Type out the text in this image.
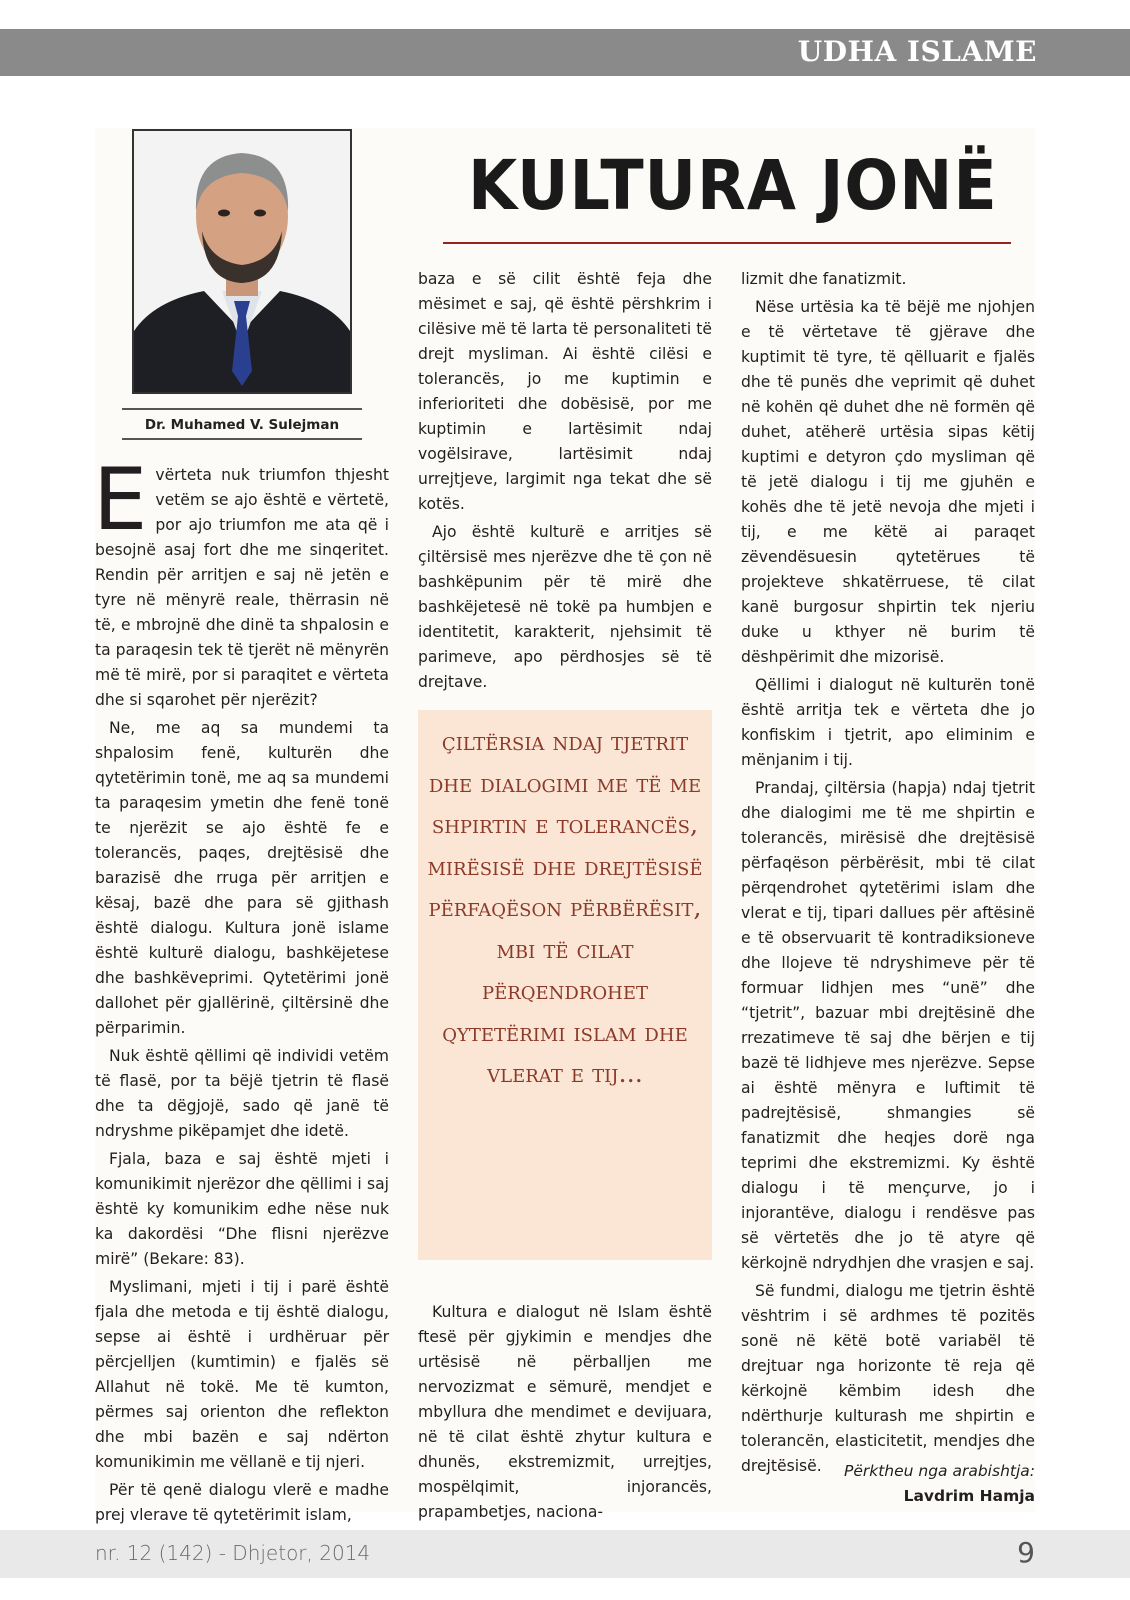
UDHA ISLAME
Dr. Muhamed V. Sulejman
KULTURA JONË

Evërteta nuk triumfon thjesht vetëm se ajo është e vërtetë, por ajo triumfon me ata që i besojnë asaj fort dhe me sinqeritet. Rendin për arritjen e saj në jetën e tyre në mënyrë reale, thërrasin në të, e mbrojnë dhe dinë ta shpalosin e ta paraqesin tek të tjerët në mënyrën më të mirë, por si paraqitet e vërteta dhe si sqarohet për njerëzit?

Ne, me aq sa mundemi ta shpalosim fenë, kulturën dhe qytetërimin tonë, me aq sa mundemi ta paraqesim ymetin dhe fenë tonë te njerëzit se ajo është fe e tolerancës, paqes, drejtësisë dhe barazisë dhe rruga për arritjen e kësaj, bazë dhe para së gjithash është dialogu. Kultura jonë islame është kulturë dialogu, bashkëjetese dhe bashkëveprimi. Qytetërimi jonë dallohet për gjallërinë, çiltërsinë dhe përparimin.

Nuk është qëllimi që individi vetëm të flasë, por ta bëjë tjetrin të flasë dhe ta dëgjojë, sado që janë të ndryshme pikëpamjet dhe idetë.

Fjala, baza e saj është mjeti i komunikimit njerëzor dhe qëllimi i saj është ky komunikim edhe nëse nuk ka dakordësi “Dhe flisni njerëzve mirë” (Bekare: 83).

Myslimani, mjeti i tij i parë është fjala dhe metoda e tij është dialogu, sepse ai është i urdhëruar për përcjelljen (kumtimin) e fjalës së Allahut në tokë. Me të kumton, përmes saj orienton dhe reflekton dhe mbi bazën e saj ndërton komunikimin me vëllanë e tij njeri.

Për të qenë dialogu vlerë e madhe prej vlerave të qytetërimit islam,

baza e së cilit është feja dhe mësimet e saj, që është përshkrim i cilësive më të larta të personaliteti të drejt mysliman. Ai është cilësi e tolerancës, jo me kuptimin e inferioriteti dhe dobësisë, por me kuptimin e lartësimit ndaj vogëlsirave, lartësimit ndaj urrejtjeve, largimit nga tekat dhe së kotës.

Ajo është kulturë e arritjes së çiltërsisë mes njerëzve dhe të çon në bashkëpunim për të mirë dhe bashkëjetesë në tokë pa humbjen e identitetit, karakterit, njehsimit të parimeve, apo përdhosjes së të drejtave.

çiltërsia ndaj tjetrit dhe dialogimi me të me shpirtin e tolerancës, mirësisë dhe drejtësisë përfaqëson përbërësit, mbi të cilat përqendrohet qytetërimi islam dhe vlerat e tij...

Kultura e dialogut në Islam është ftesë për gjykimin e mendjes dhe urtësisë në përballjen me nervozizmat e sëmurë, mendjet e mbyllura dhe mendimet e devijuara, në të cilat është zhytur kultura e dhunës, ekstremizmit, urrejtjes, mospëlqimit, injorancës, prapambetjes, naciona-

lizmit dhe fanatizmit.

Nëse urtësia ka të bëjë me njohjen e të vërtetave të gjërave dhe kuptimit të tyre, të qëlluarit e fjalës dhe të punës dhe veprimit që duhet në kohën që duhet dhe në formën që duhet, atëherë urtësia sipas këtij kuptimi e detyron çdo mysliman që të jetë dialogu i tij me gjuhën e kohës dhe të jetë nevoja dhe mjeti i tij, e me këtë ai paraqet zëvendësuesin qytetërues të projekteve shkatërruese, të cilat kanë burgosur shpirtin tek njeriu duke u kthyer në burim të dëshpërimit dhe mizorisë.

Qëllimi i dialogut në kulturën tonë është arritja tek e vërteta dhe jo konfiskim i tjetrit, apo eliminim e mënjanim i tij.

Prandaj, çiltërsia (hapja) ndaj tjetrit dhe dialogimi me të me shpirtin e tolerancës, mirësisë dhe drejtësisë përfaqëson përbërësit, mbi të cilat përqendrohet qytetërimi islam dhe vlerat e tij, tipari dallues për aftësinë e të observuarit të kontradiksioneve dhe llojeve të ndryshimeve për të formuar lidhjen mes “unë” dhe “tjetrit”, bazuar mbi drejtësinë dhe rrezatimeve të saj dhe bërjen e tij bazë të lidhjeve mes njerëzve. Sepse ai është mënyra e luftimit të padrejtësisë, shmangies së fanatizmit dhe heqjes dorë nga teprimi dhe ekstremizmi. Ky është dialogu i të mençurve, jo i injorantëve, dialogu i rendësve pas së vërtetës dhe jo të atyre që kërkojnë ndrydhjen dhe vrasjen e saj.

Së fundmi, dialogu me tjetrin është vështrim i së ardhmes të pozitës sonë në këtë botë variabël të drejtuar nga horizonte të reja që kërkojnë këmbim idesh dhe ndërthurje kulturash me shpirtin e tolerancën, elasticitetit, mendjes dhe drejtësisë.	Përktheu nga arabishtja:
Lavdrim Hamja
nr. 12 (142) - Dhjetor, 2014	9
